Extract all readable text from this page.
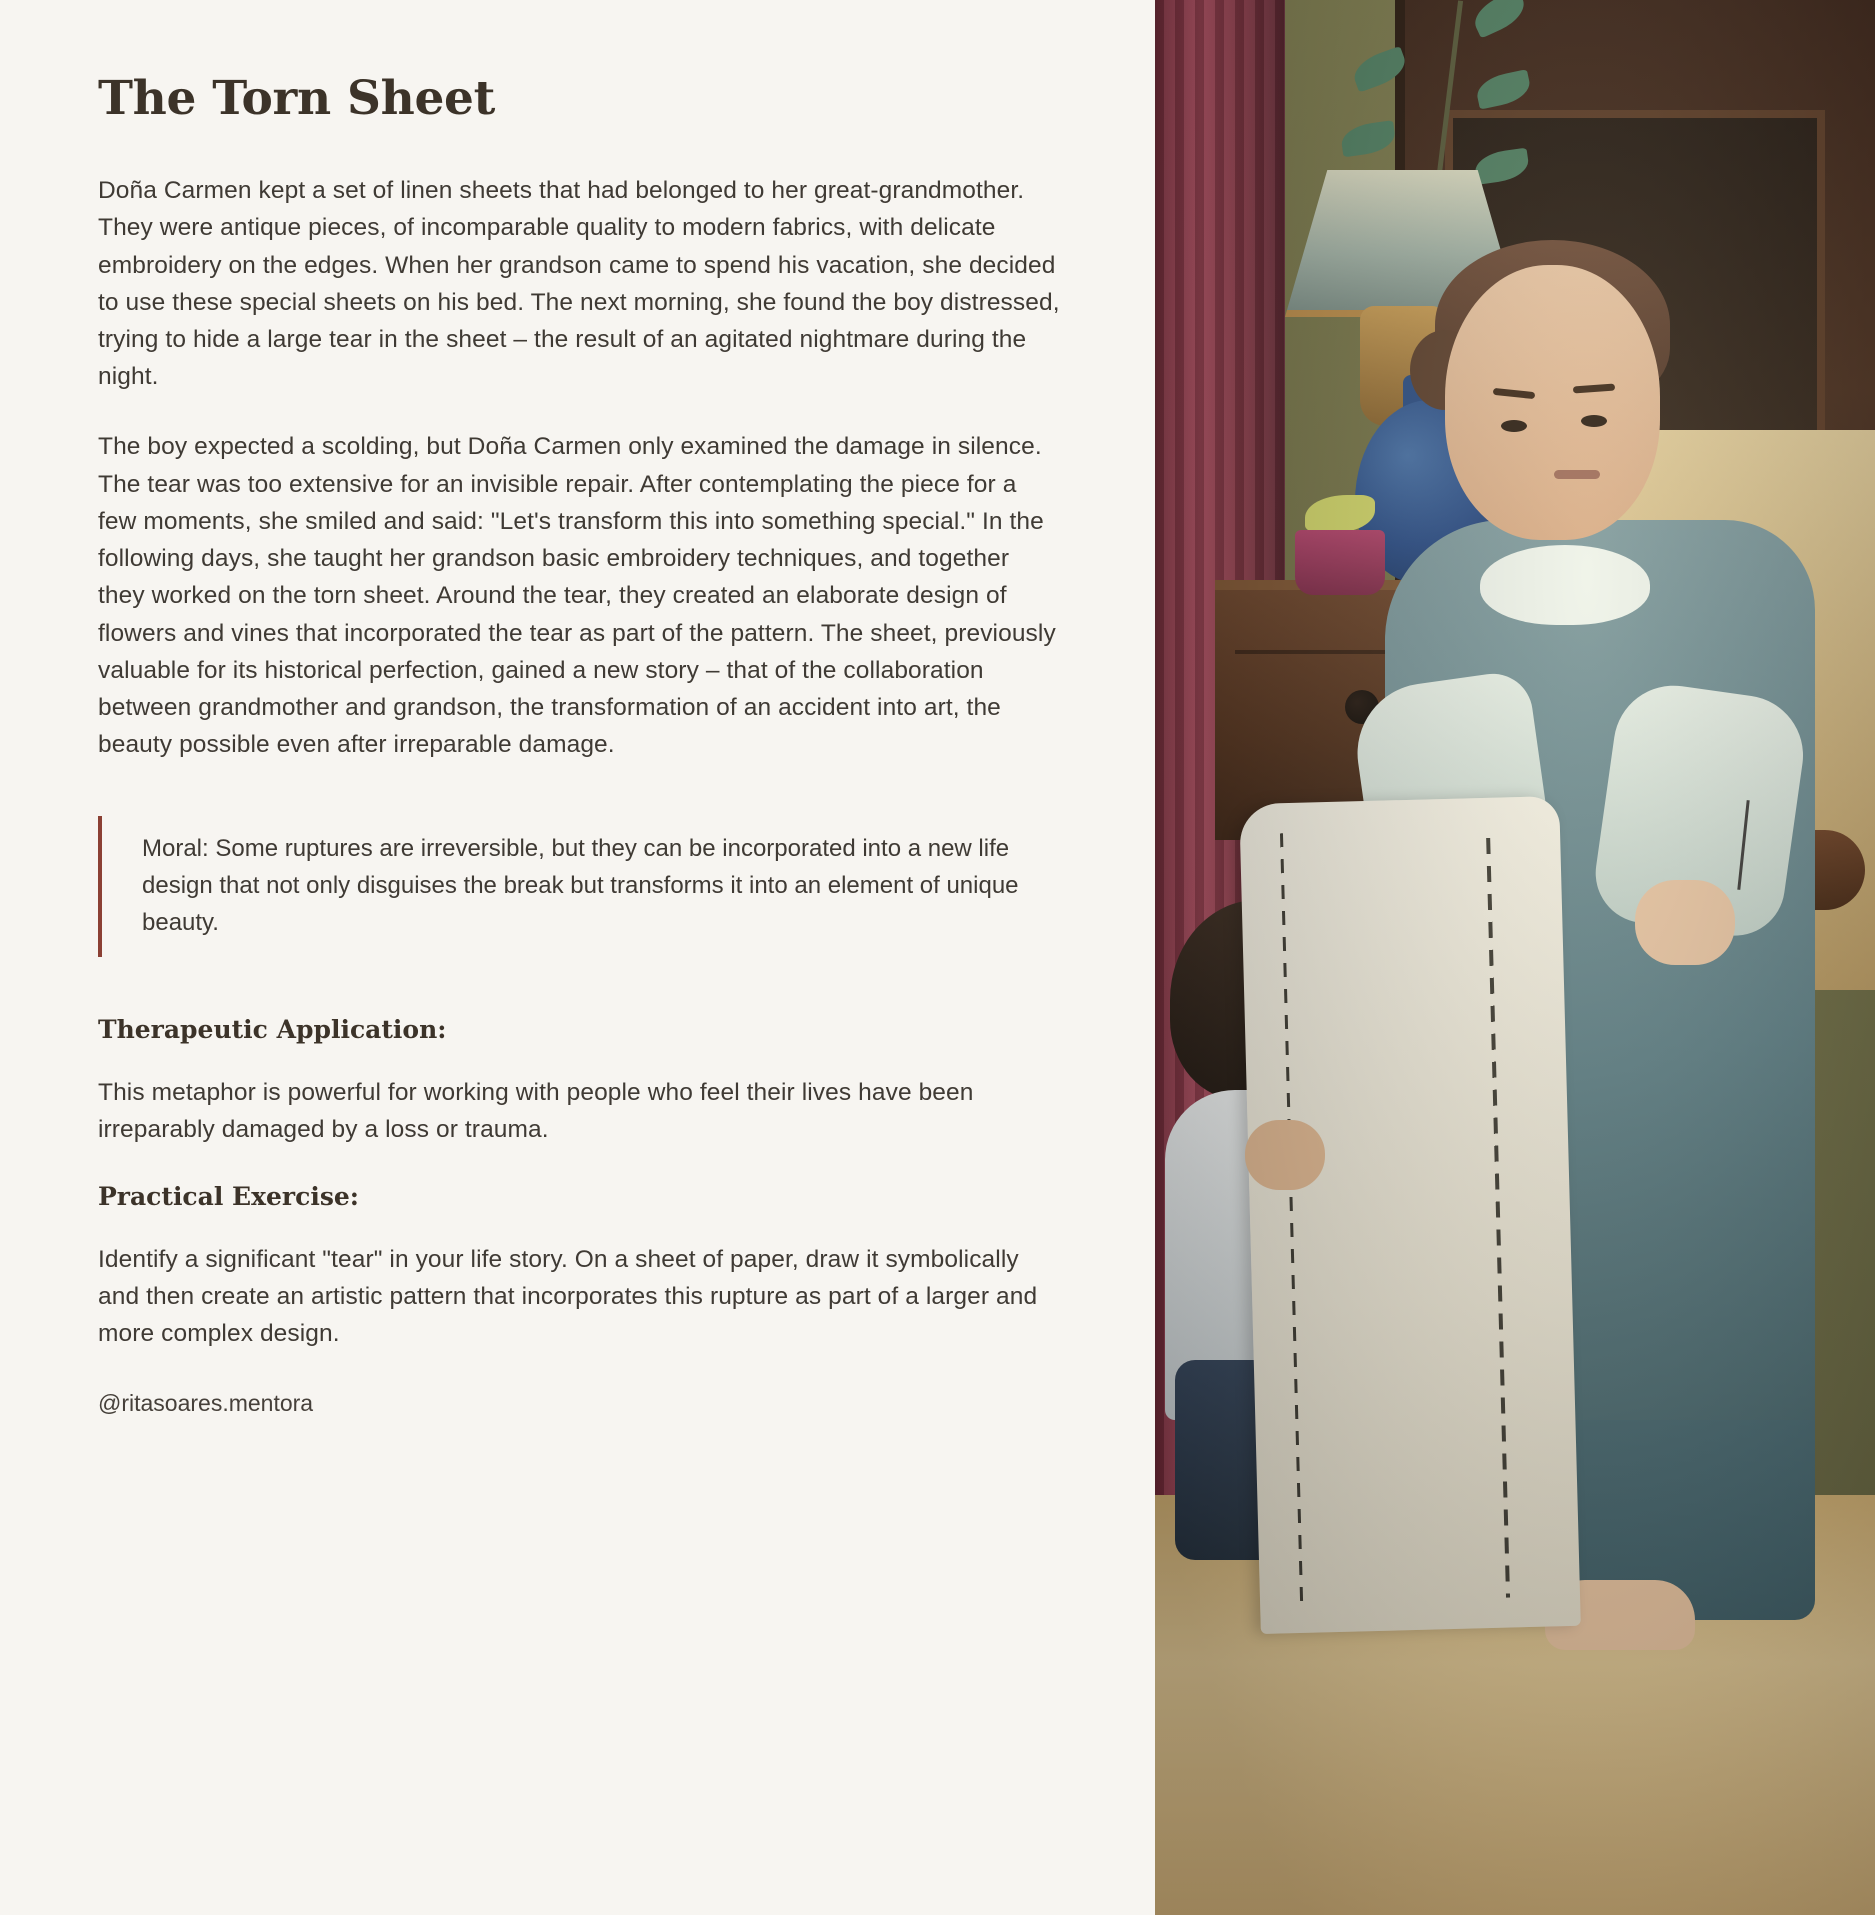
The Torn Sheet

Doña Carmen kept a set of linen sheets that had belonged to her great-grandmother. They were antique pieces, of incomparable quality to modern fabrics, with delicate embroidery on the edges. When her grandson came to spend his vacation, she decided to use these special sheets on his bed. The next morning, she found the boy distressed, trying to hide a large tear in the sheet – the result of an agitated nightmare during the night.

The boy expected a scolding, but Doña Carmen only examined the damage in silence. The tear was too extensive for an invisible repair. After contemplating the piece for a few moments, she smiled and said: "Let's transform this into something special." In the following days, she taught her grandson basic embroidery techniques, and together they worked on the torn sheet. Around the tear, they created an elaborate design of flowers and vines that incorporated the tear as part of the pattern. The sheet, previously valuable for its historical perfection, gained a new story – that of the collaboration between grandmother and grandson, the transformation of an accident into art, the beauty possible even after irreparable damage.

Moral: Some ruptures are irreversible, but they can be incorporated into a new life design that not only disguises the break but transforms it into an element of unique beauty.

Therapeutic Application:

This metaphor is powerful for working with people who feel their lives have been irreparably damaged by a loss or trauma.

Practical Exercise:

Identify a significant "tear" in your life story. On a sheet of paper, draw it symbolically and then create an artistic pattern that incorporates this rupture as part of a larger and more complex design.

@ritasoares.mentora
